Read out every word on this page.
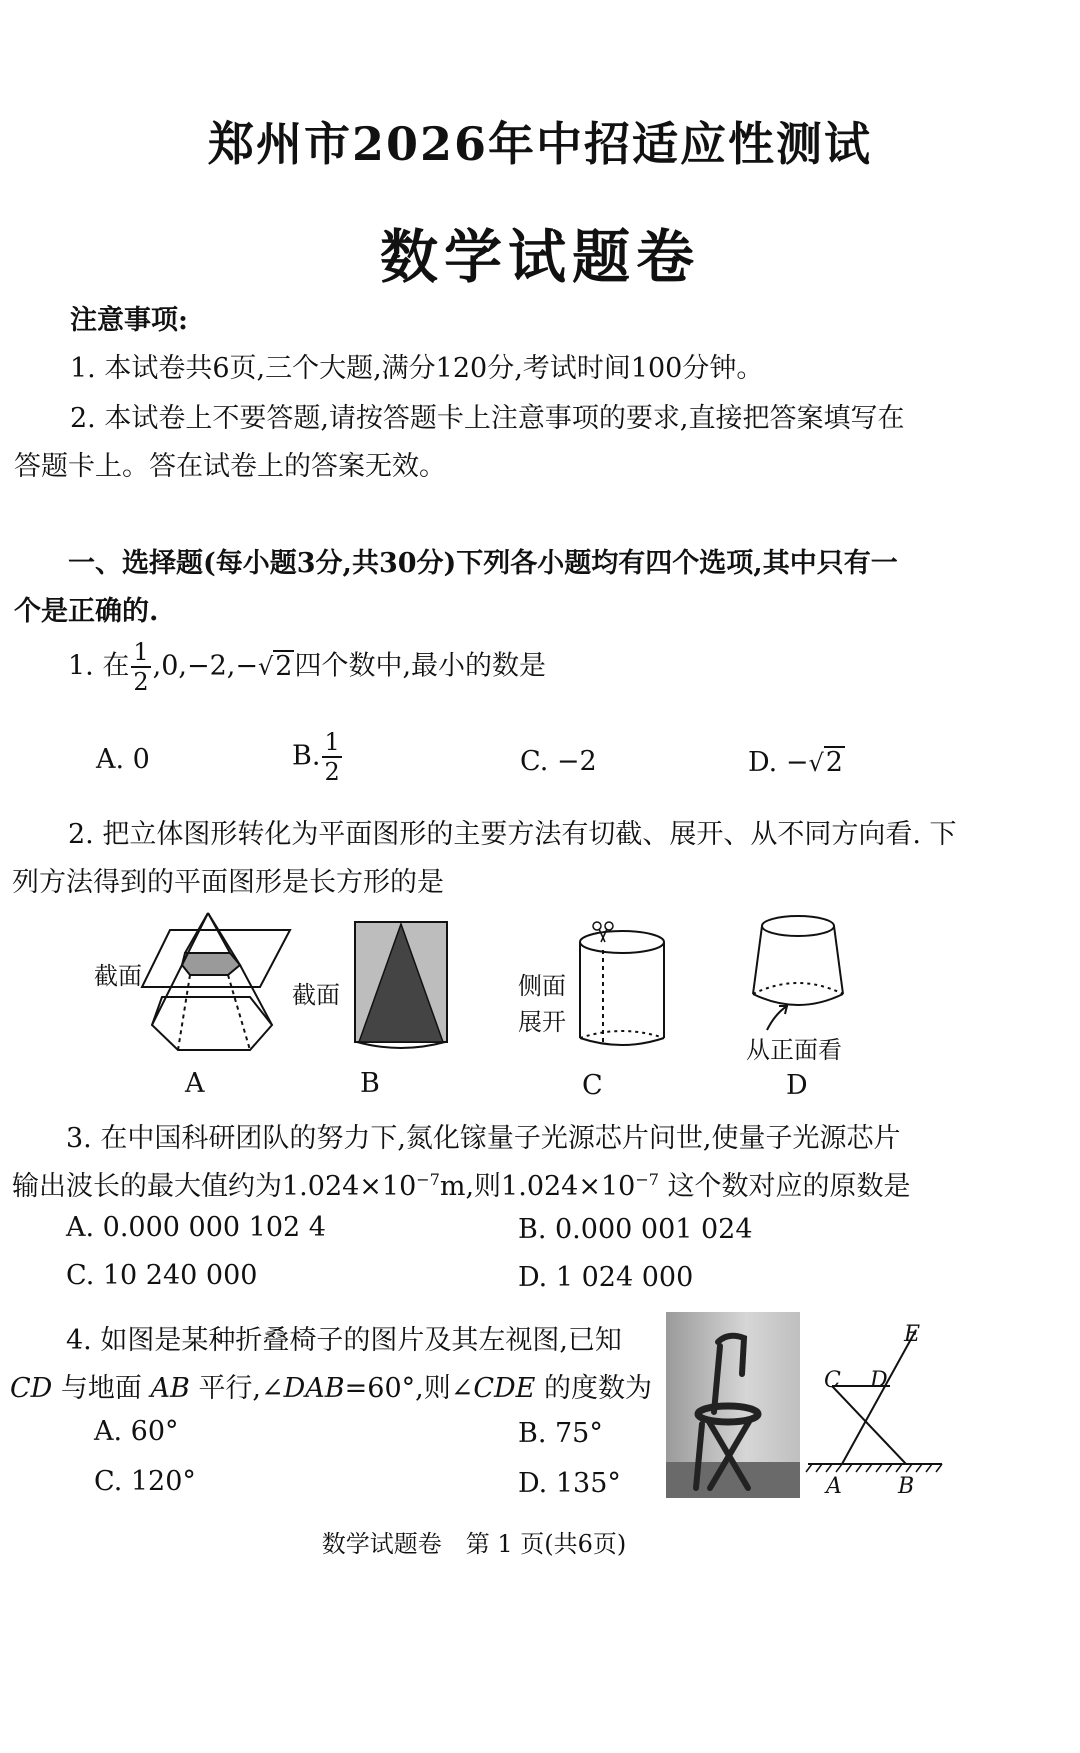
郑州市2026年中招适应性测试
数学试题卷
注意事项:
1. 本试卷共6页,三个大题,满分120分,考试时间100分钟。
2. 本试卷上不要答题,请按答题卡上注意事项的要求,直接把答案填写在
答题卡上。答在试卷上的答案无效。
一、选择题(每小题3分,共30分)下列各小题均有四个选项,其中只有一
个是正确的.
1. 在 $\frac{1}{2} ,0,-2,-√2$四个数中,最小的数是
A. 0	B. $\frac{1}{2}$	C. −2	D. −√2
2. 把立体图形转化为平面图形的主要方法有切截、展开、从不同方向看. 下
列方法得到的平面图形是长方形的是
截面
A
截面
B
侧面
展开
C
从正面看
D
3. 在中国科研团队的努力下,氮化镓量子光源芯片问世,使量子光源芯片
输出波长的最大值约为$1.024\times 10^{-7}m$,则$1.024\times 10^{-7}$ 这个数对应的原数是
A. 0.000 000 102 4	B. 0.000 001 024
C. 10 240 000	D. 1 024 000
4. 如图是某种折叠椅子的图片及其左视图,已知
CD 与地面 AB 平行,∠DAB=60°,则∠CDE 的度数为
A. 60°	B. 75°
C. 120°	D. 135°
E
C D
A	B
数学试题卷　第 1 页(共6页)
